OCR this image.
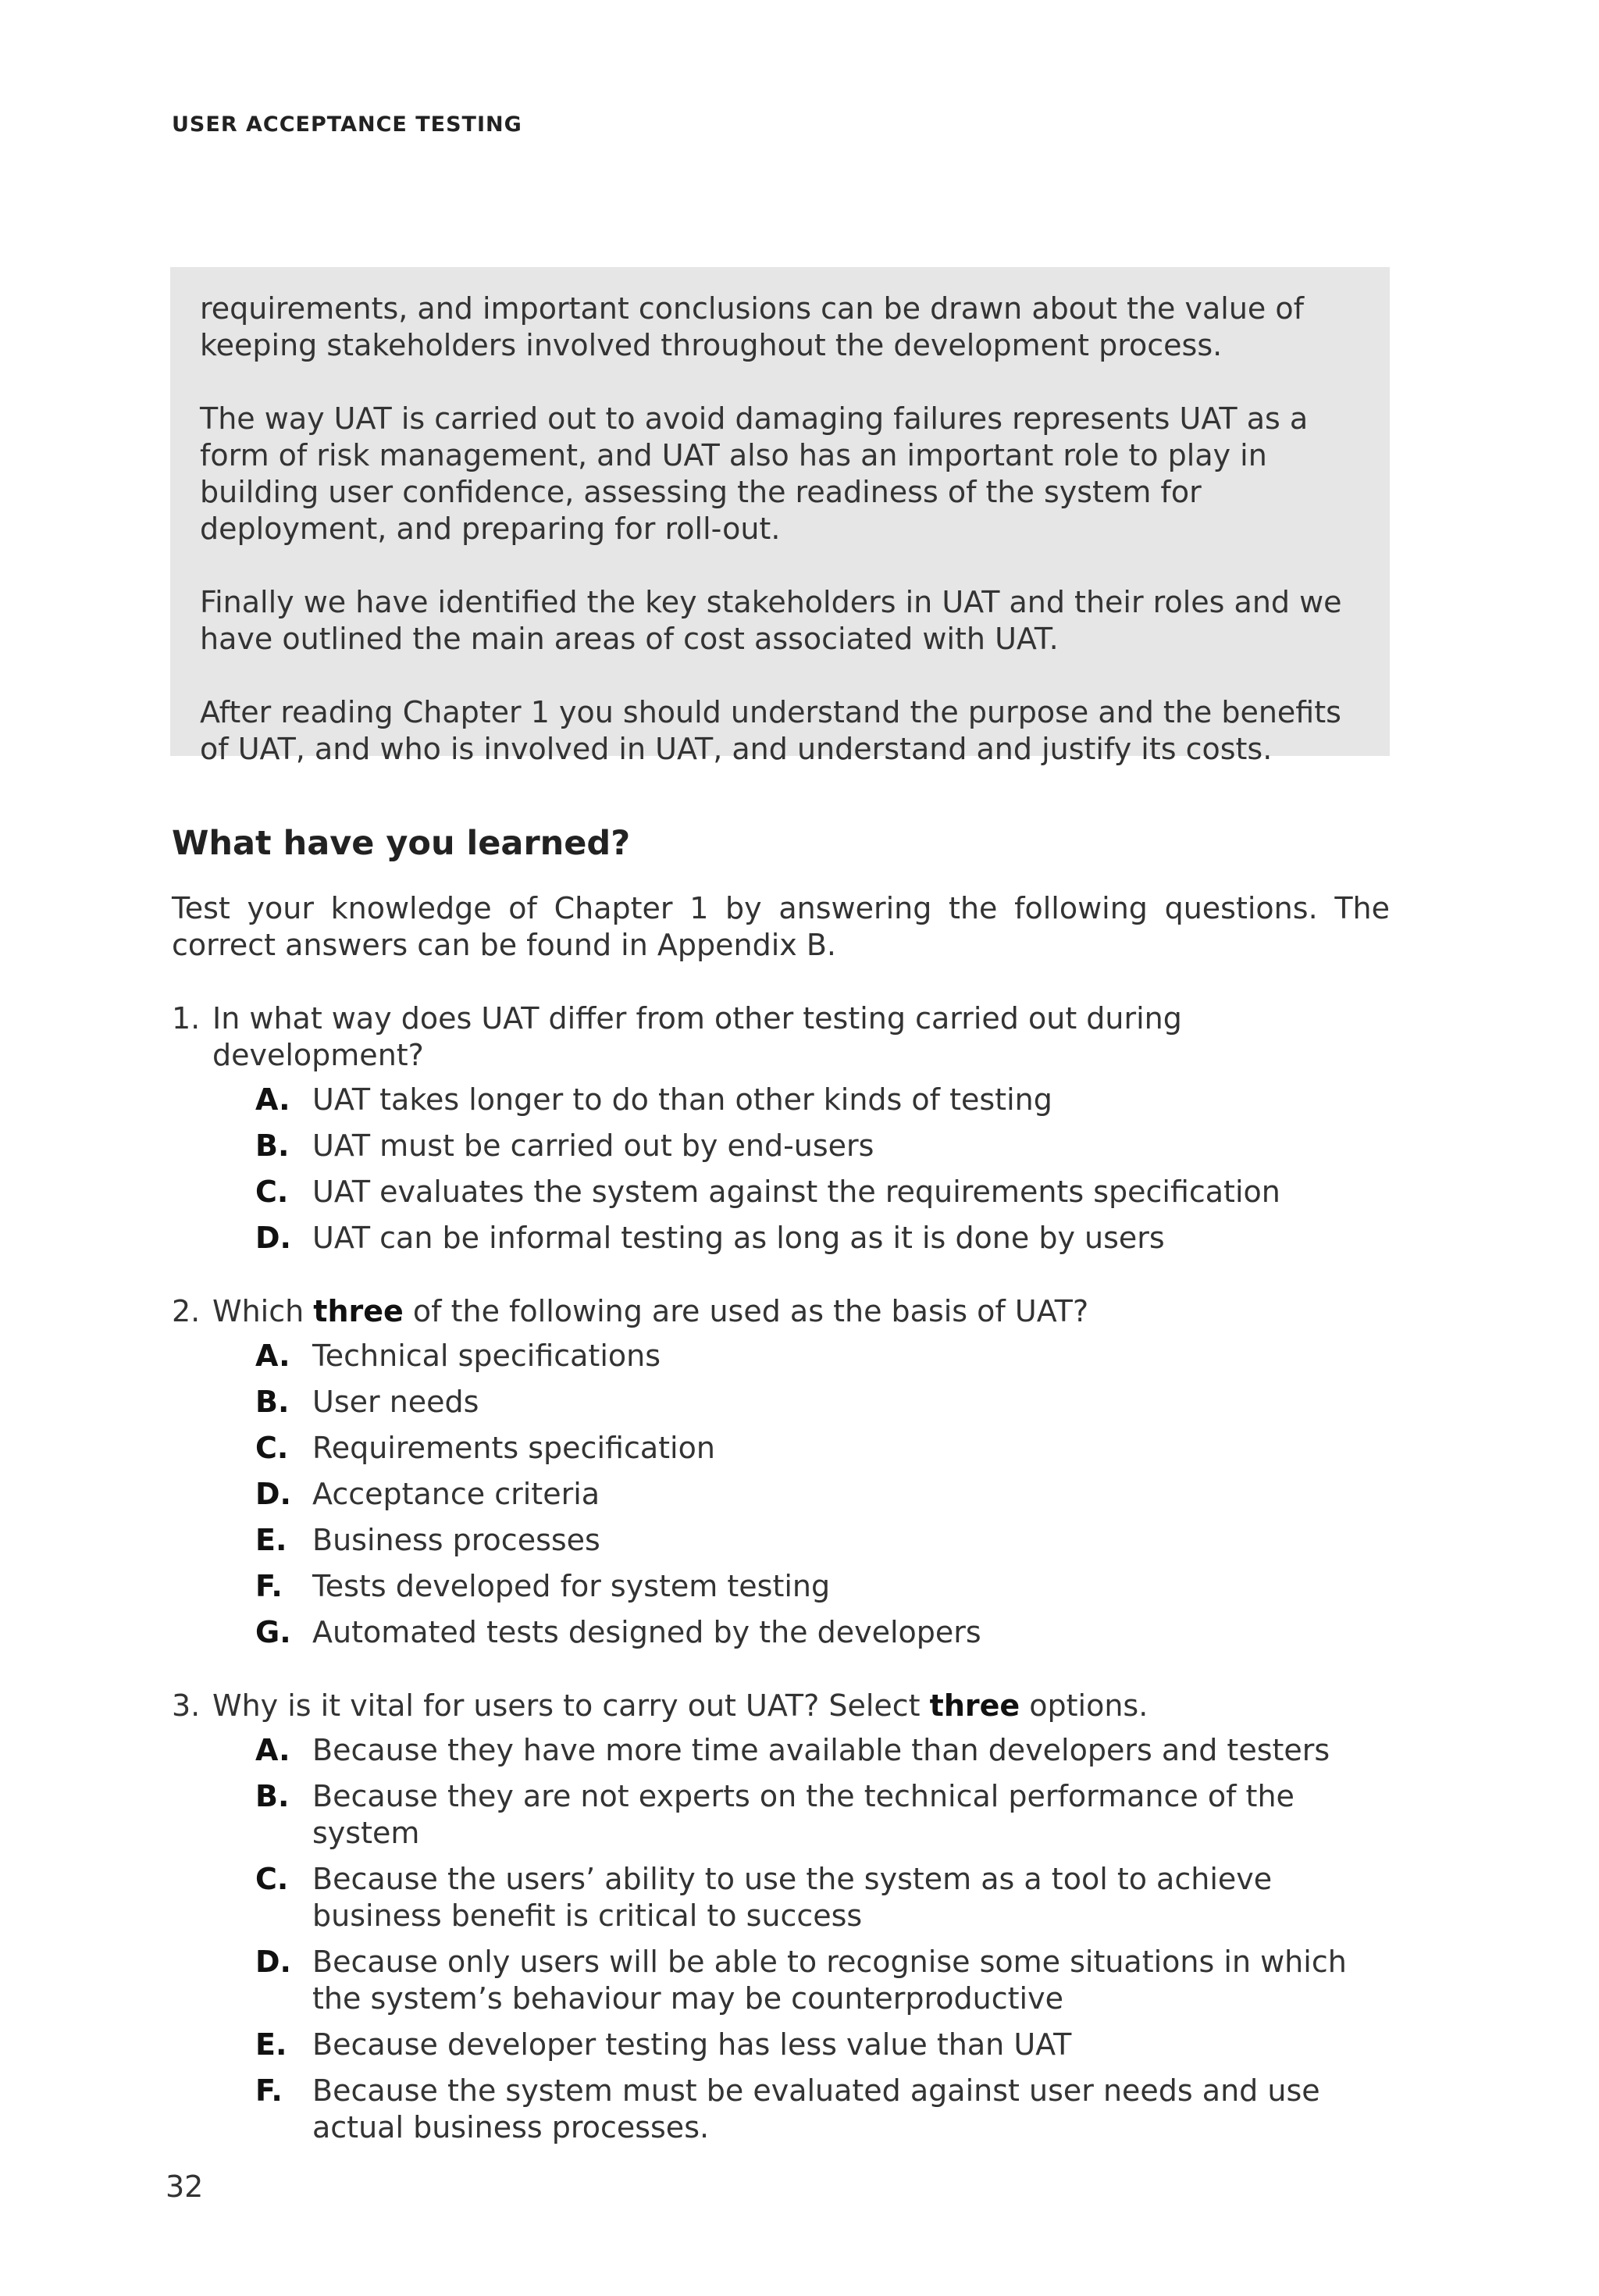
USER ACCEPTANCE TESTING

requirements, and important conclusions can be drawn about the value of keeping stakeholders involved throughout the development process.

The way UAT is carried out to avoid damaging failures represents UAT as a form of risk management, and UAT also has an important role to play in building user confidence, assessing the readiness of the system for deployment, and preparing for roll-out.

Finally we have identified the key stakeholders in UAT and their roles and we have outlined the main areas of cost associated with UAT.

After reading Chapter 1 you should understand the purpose and the benefits of UAT, and who is involved in UAT, and understand and justify its costs.

What have you learned?

Test your knowledge of Chapter 1 by answering the following questions. The correct answers can be found in Appendix B.

1. In what way does UAT differ from other testing carried out during development?
A. UAT takes longer to do than other kinds of testing
B. UAT must be carried out by end-users
C. UAT evaluates the system against the requirements specification
D. UAT can be informal testing as long as it is done by users
2. Which three of the following are used as the basis of UAT?
A. Technical specifications
B. User needs
C. Requirements specification
D. Acceptance criteria
E. Business processes
F.	Tests developed for system testing
G. Automated tests designed by the developers
3. Why is it vital for users to carry out UAT? Select three options.
A. Because they have more time available than developers and testers
B. Because they are not experts on the technical performance of the system
C. Because the users’ ability to use the system as a tool to achieve business benefit is critical to success
D. Because only users will be able to recognise some situations in which the system’s behaviour may be counterproductive
E. Because developer testing has less value than UAT
F.	Because the system must be evaluated against user needs and use actual business processes.
32
